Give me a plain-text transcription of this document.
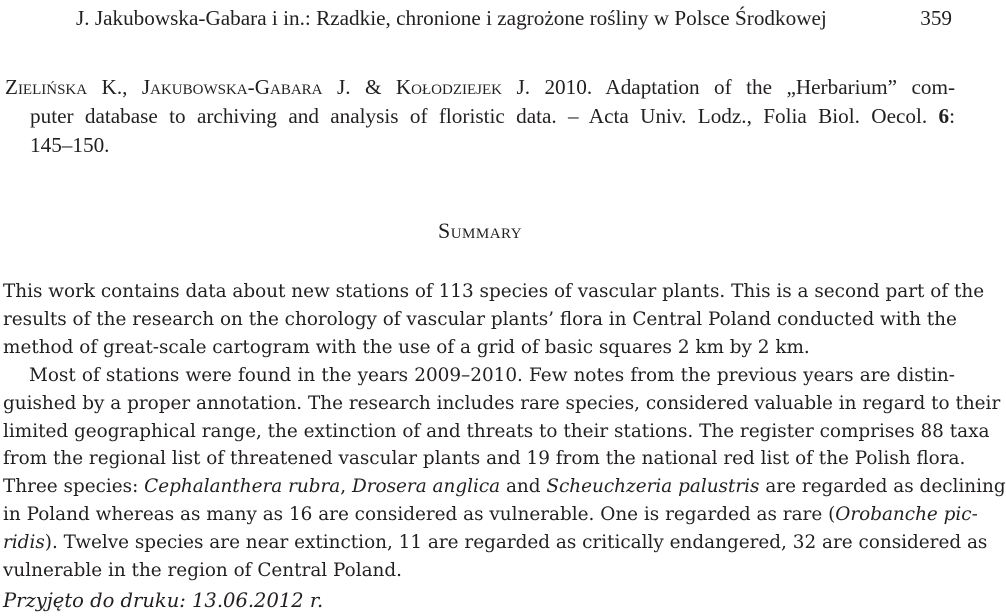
J. Jakubowska-Gabara i in.: Rzadkie, chronione i zagrożone rośliny w Polsce Środkowej	359

Zielińska K., Jakubowska-Gabara J. & Kołodziejek J. 2010. Adaptation of the „Herbarium” com-

puter database to archiving and analysis of floristic data. – Acta Univ. Lodz., Folia Biol. Oecol. 6:

145–150.

Summary
This work contains data about new stations of 113 species of vascular plants. This is a second part of the
results of the research on the chorology of vascular plants’ flora in Central Poland conducted with the
method of great-scale cartogram with the use of a grid of basic squares 2 km by 2 km.
Most of stations were found in the years 2009–2010. Few notes from the previous years are distin-
guished by a proper annotation. The research includes rare species, considered valuable in regard to their
limited geographical range, the extinction of and threats to their stations. The register comprises 88 taxa
from the regional list of threatened vascular plants and 19 from the national red list of the Polish flora.
Three species: Cephalanthera rubra, Drosera anglica and Scheuchzeria palustris are regarded as declining
in Poland whereas as many as 16 are considered as vulnerable. One is regarded as rare (Orobanche pic-
ridis). Twelve species are near extinction, 11 are regarded as critically endangered, 32 are considered as
vulnerable in the region of Central Poland.
Przyjęto do druku: 13.06.2012 r.
